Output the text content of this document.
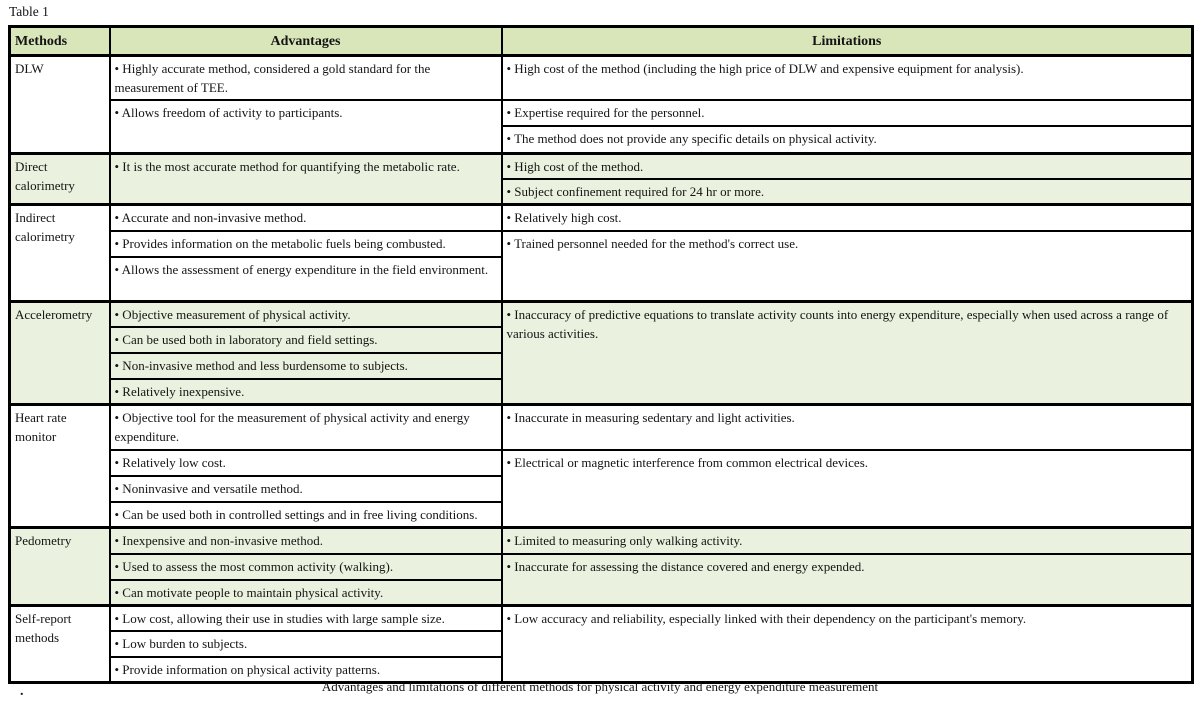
Table 1
Methods	Advantages	Limitations
DLW	• Highly accurate method, considered a gold standard for the measurement of TEE.	• High cost of the method (including the high price of DLW and expensive equipment for analysis).
	• Allows freedom of activity to participants.	• Expertise required for the personnel.
		• The method does not provide any specific details on physical activity.
Direct calorimetry	• It is the most accurate method for quantifying the metabolic rate.	• High cost of the method.
		• Subject confinement required for 24 hr or more.
Indirect calorimetry	• Accurate and non-invasive method.	• Relatively high cost.
	• Provides information on the metabolic fuels being combusted.	• Trained personnel needed for the method's correct use.
	• Allows the assessment of energy expenditure in the field environment.	
Accelerometry	• Objective measurement of physical activity.	• Inaccuracy of predictive equations to translate activity counts into energy expenditure, especially when used across a range of various activities.
	• Can be used both in laboratory and field settings.	
	• Non-invasive method and less burdensome to subjects.	
	• Relatively inexpensive.	
Heart rate monitor	• Objective tool for the measurement of physical activity and energy expenditure.	• Inaccurate in measuring sedentary and light activities.
	• Relatively low cost.	• Electrical or magnetic interference from common electrical devices.
	• Noninvasive and versatile method.	
	• Can be used both in controlled settings and in free living conditions.	
Pedometry	• Inexpensive and non-invasive method.	• Limited to measuring only walking activity.
	• Used to assess the most common activity (walking).	• Inaccurate for assessing the distance covered and energy expended.
	• Can motivate people to maintain physical activity.	
Self-report methods	• Low cost, allowing their use in studies with large sample size.	• Low accuracy and reliability, especially linked with their dependency on the participant's memory.
	• Low burden to subjects.	
	• Provide information on physical activity patterns.	
Advantages and limitations of different methods for physical activity and energy expenditure measurement
.
